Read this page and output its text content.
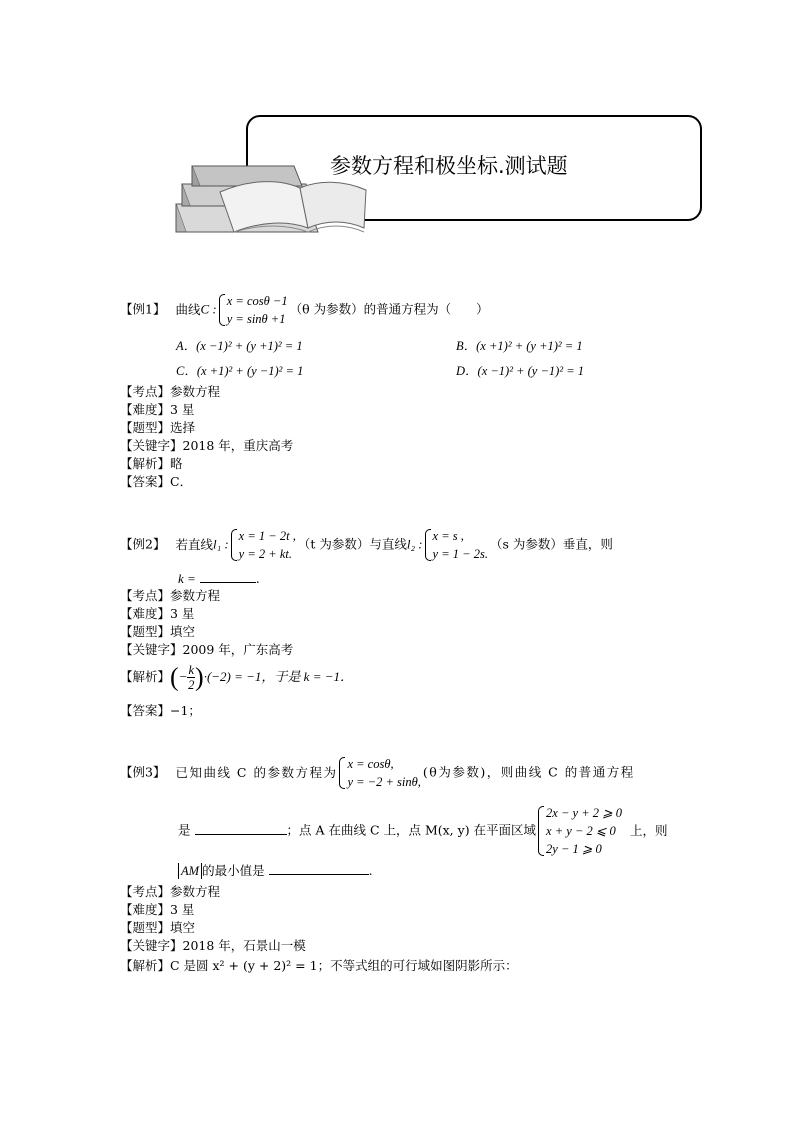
参数方程和极坐标.测试题
【例1】 曲线C :
x = cosθ −1
y = sinθ +1
（θ 为参数）的普通方程为（　　）
A．(x −1)² + (y +1)² = 1	B．(x +1)² + (y +1)² = 1
C．(x +1)² + (y −1)² = 1	D．(x −1)² + (y −1)² = 1
【考点】参数方程
【难度】3 星
【题型】选择
【关键字】2018 年，重庆高考
【解析】略
【答案】C．
【例2】 若直线l₁ :
x = 1 − 2t ,
y = 2 + kt.
（t 为参数）与直线l₂ :
x = s ,
y = 1 − 2s.
（s 为参数）垂直，则
k =	.
【考点】参数方程
【难度】3 星
【题型】填空
【关键字】2009 年，广东高考
【解析】(− $\frac{k}{2} )\cdot(-2) = -1$，于是 k = −1．
【答案】−1；
【例3】 已知曲线 C 的参数方程为
x = cosθ,
y = −2 + sinθ,
(θ为参数)，则曲线 C 的普通方程
是	；点 A 在曲线 C 上，点 M(x, y) 在平面区域
2x − y + 2 ⩾ 0
x + y − 2 ⩽ 0
2y − 1 ⩾ 0
上，则
AM 的最小值是	.
【考点】参数方程
【难度】3 星
【题型】填空
【关键字】2018 年，石景山一模
【解析】C 是圆 x² + (y + 2)² = 1；不等式组的可行域如图阴影所示：
